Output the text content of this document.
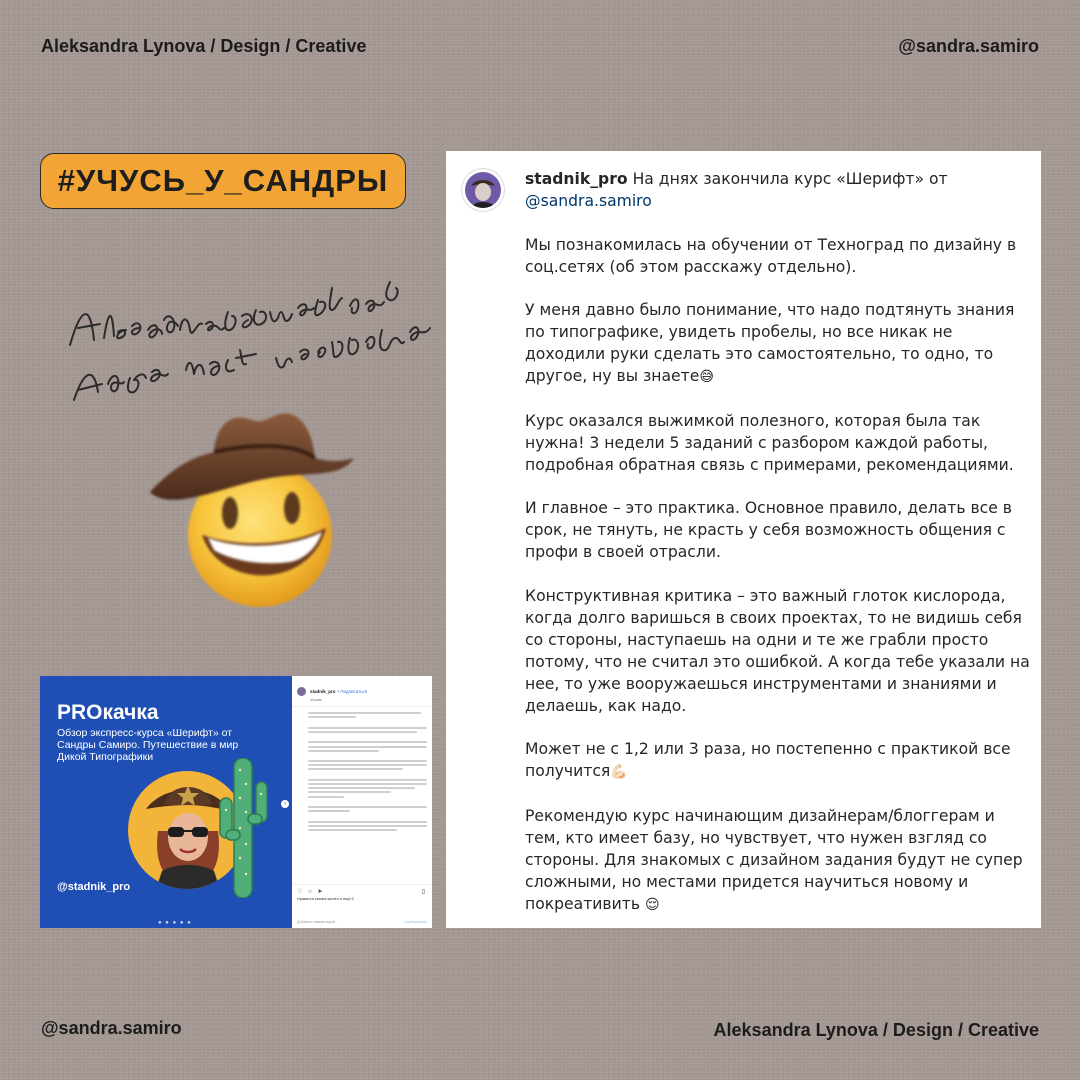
Aleksandra Lynova / Design / Creative	@sandra.samiro
#УЧУСЬ_У_САНДРЫ
PROкачка
Обзор экспресс-курса «Шерифт» от Сандры Самиро. Путешествие в мир Дикой Типографики
@stadnik_pro
● ● ● ● ●
›
stadnik_pro • Подписаться
Москва
♡ ○ ➤	▯
Нравится sandra.samiro и ещё 6
Добавьте комментарий...	Опубликовать

stadnik_pro На днях закончила курс «Шерифт» от
@sandra.samiro

Мы познакомилась на обучении от Техноград по дизайну в соц.сетях (об этом расскажу отдельно).

У меня давно было понимание, что надо подтянуть знания по типографике, увидеть пробелы, но все никак не доходили руки сделать это самостоятельно, то одно, то другое, ну вы знаете😅

Курс оказался выжимкой полезного, которая была так нужна! 3 недели 5 заданий с разбором каждой работы, подробная обратная связь с примерами, рекомендациями.

И главное – это практика. Основное правило, делать все в срок, не тянуть, не красть у себя возможность общения с профи в своей отрасли.

Конструктивная критика – это важный глоток кислорода, когда долго варишься в своих проектах, то не видишь себя со стороны, наступаешь на одни и те же грабли просто потому, что не считал это ошибкой. А когда тебе указали на нее, то уже вооружаешься инструментами и знаниями и делаешь, как надо.

Может не с 1,2 или 3 раза, но постепенно с практикой все получится💪🏻

Рекомендую курс начинающим дизайнерам/блоггерам и тем, кто имеет базу, но чувствует, что нужен взгляд со стороны. Для знакомых с дизайном задания будут не супер сложными, но местами придется научиться новому и покреативить 😌

@sandra.samiro	Aleksandra Lynova / Design / Creative
